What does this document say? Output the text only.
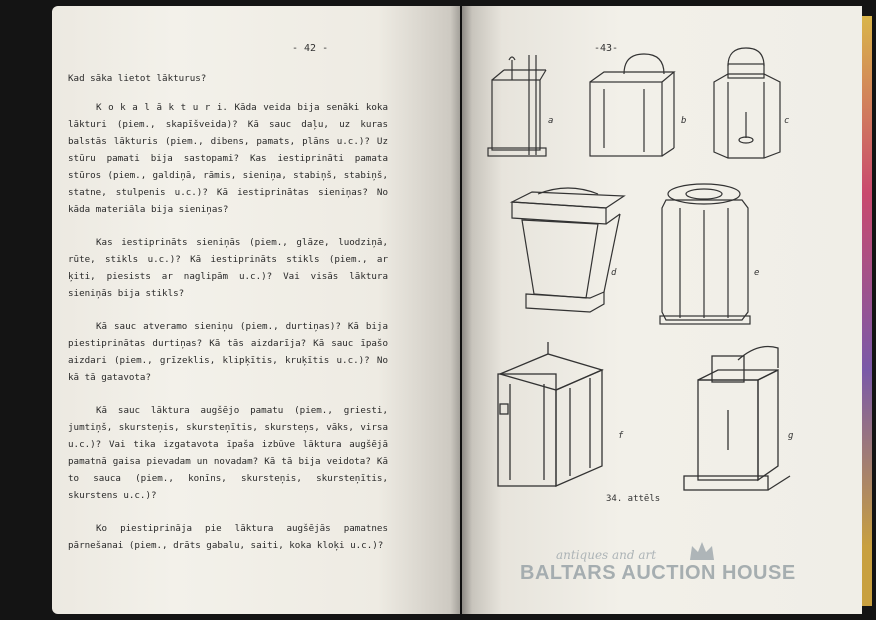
- 42 -	-43-

Kad sāka lietot lākturus?

K o k a l ā k t u r i. Kāda veida bija senāki koka lākturi (piem., skapīšveida)? Kā sauc daļu, uz kuras balstās lākturis (piem., dibens, pamats, plāns u.c.)? Uz stūru pamati bija sastopami? Kas iestiprināti pamata stūros (piem., galdiņā, rāmis, sieniņa, stabiņš, stabiņš, statne, stulpenis u.c.)? Kā iestiprinātas sieniņas? No kāda materiāla bija sieniņas?

Kas iestiprināts sieniņās (piem., glāze, luodziņā, rūte, stikls u.c.)? Kā iestiprināts stikls (piem., ar ķiti, piesists ar naglipām u.c.)? Vai visās lāktura sieniņās bija stikls?

Kā sauc atveramo sieniņu (piem., durtiņas)? Kā bija piestiprinātas durtiņas? Kā tās aizdarīja? Kā sauc īpašo aizdari (piem., grīzeklis, klipķītis, kruķītis u.c.)? No kā tā gatavota?

Kā sauc lāktura augšējo pamatu (piem., griesti, jumtiņš, skursteņis, skursteņītis, skursteņs, vāks, virsa u.c.)? Vai tika izgatavota īpaša izbūve lāktura augšējā pamatnā gaisa pievadam un novadam? Kā tā bija veidota? Kā to sauca (piem., konīns, skursteņis, skursteņītis, skurstens u.c.)?

Ko piestiprināja pie lāktura augšējās pamatnes pārnešanai (piem., drāts gabalu, saiti, koka kloķi u.c.)?

a	b	c
d	e
f	g
34. attēls
antiques and art
BALTARS AUCTION HOUSE
